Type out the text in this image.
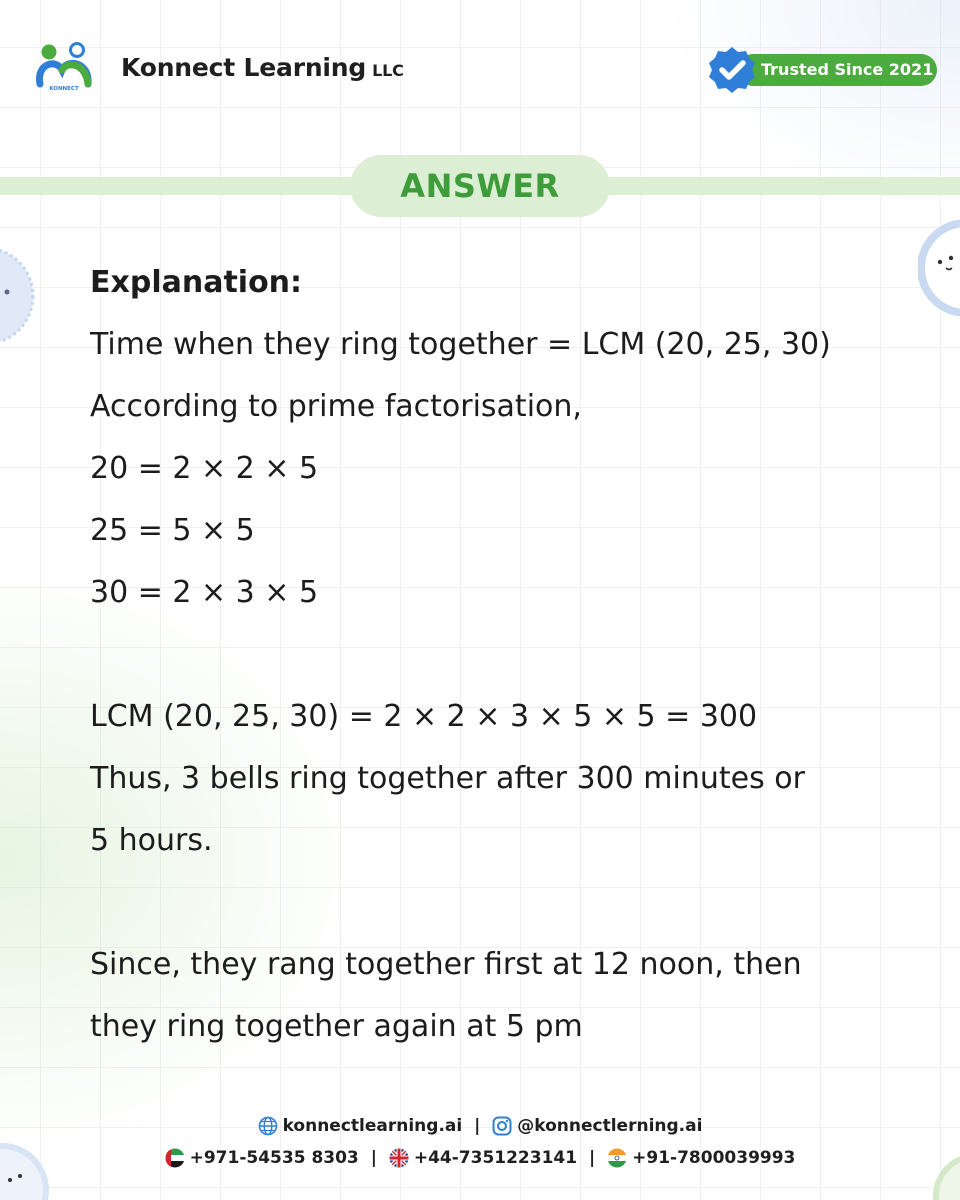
KONNECT
Konnect Learning LLC	Trusted Since 2021
ANSWER
Explanation:
Time when they ring together = LCM (20, 25, 30)
According to prime factorisation,
20 = 2 × 2 × 5
25 = 5 × 5
30 = 2 × 3 × 5
LCM (20, 25, 30) = 2 × 2 × 3 × 5 × 5 = 300
Thus, 3 bells ring together after 300 minutes or
5 hours.
Since, they rang together first at 12 noon, then
they ring together again at 5 pm
konnectlearning.ai | @konnectlerning.ai
+971-54535 8303 | +44-7351223141 | +91-7800039993
